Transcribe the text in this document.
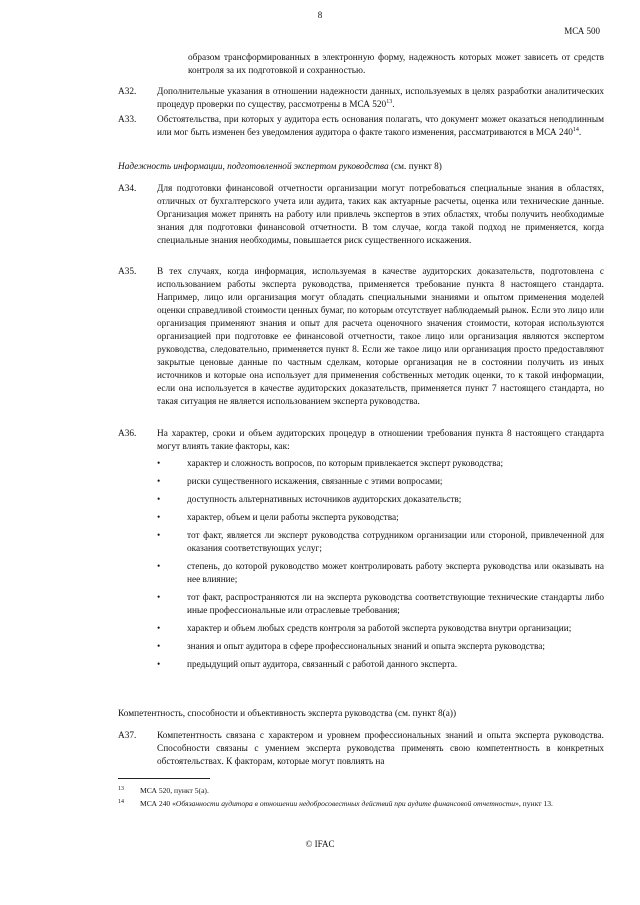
8
МСА 500
образом трансформированных в электронную форму, надежность которых может зависеть от средств контроля за их подготовкой и сохранностью.
А32.	Дополнительные указания в отношении надежности данных, используемых в целях разработки аналитических процедур проверки по существу, рассмотрены в МСА $520^{13}$.
А33.	Обстоятельства, при которых у аудитора есть основания полагать, что документ может оказаться неподлинным или мог быть изменен без уведомления аудитора о факте такого изменения, рассматриваются в МСА $240^{14}$.
Надежность информации, подготовленной экспертом руководства (см. пункт 8)
А34.	Для подготовки финансовой отчетности организации могут потребоваться специальные знания в областях, отличных от бухгалтерского учета или аудита, таких как актуарные расчеты, оценка или технические данные. Организация может принять на работу или привлечь экспертов в этих областях, чтобы получить необходимые знания для подготовки финансовой отчетности. В том случае, когда такой подход не применяется, когда специальные знания необходимы, повышается риск существенного искажения.
А35.	В тех случаях, когда информация, используемая в качестве аудиторских доказательств, подготовлена с использованием работы эксперта руководства, применяется требование пункта 8 настоящего стандарта. Например, лицо или организация могут обладать специальными знаниями и опытом применения моделей оценки справедливой стоимости ценных бумаг, по которым отсутствует наблюдаемый рынок. Если это лицо или организация применяют знания и опыт для расчета оценочного значения стоимости, которая используются организацией при подготовке ее финансовой отчетности, такое лицо или организация являются экспертом руководства, следовательно, применяется пункт 8. Если же такое лицо или организация просто предоставляют закрытые ценовые данные по частным сделкам, которые организация не в состоянии получить из иных источников и которые она использует для применения собственных методик оценки, то к такой информации, если она используется в качестве аудиторских доказательств, применяется пункт 7 настоящего стандарта, но такая ситуация не является использованием эксперта руководства.
А36.	На характер, сроки и объем аудиторских процедур в отношении требования пункта 8 настоящего стандарта могут влиять такие факторы, как:
•	характер и сложность вопросов, по которым привлекается эксперт руководства;
•	риски существенного искажения, связанные с этими вопросами;
•	доступность альтернативных источников аудиторских доказательств;
•	характер, объем и цели работы эксперта руководства;
•	тот факт, является ли эксперт руководства сотрудником организации или стороной, привлеченной для оказания соответствующих услуг;
•	степень, до которой руководство может контролировать работу эксперта руководства или оказывать на нее влияние;
•	тот факт, распространяются ли на эксперта руководства соответствующие технические стандарты либо иные профессиональные или отраслевые требования;
•	характер и объем любых средств контроля за работой эксперта руководства внутри организации;
•	знания и опыт аудитора в сфере профессиональных знаний и опыта эксперта руководства;
•	предыдущий опыт аудитора, связанный с работой данного эксперта.
Компетентность, способности и объективность эксперта руководства (см. пункт 8(а))
А37.	Компетентность связана с характером и уровнем профессиональных знаний и опыта эксперта руководства. Способности связаны с умением эксперта руководства применять свою компетентность в конкретных обстоятельствах. К факторам, которые могут повлиять на
13 МСА 520, пункт 5(а).
14 МСА 240 «Обязанности аудитора в отношении недобросовестных действий при аудите финансовой отчетности», пункт 13.
© IFAC
